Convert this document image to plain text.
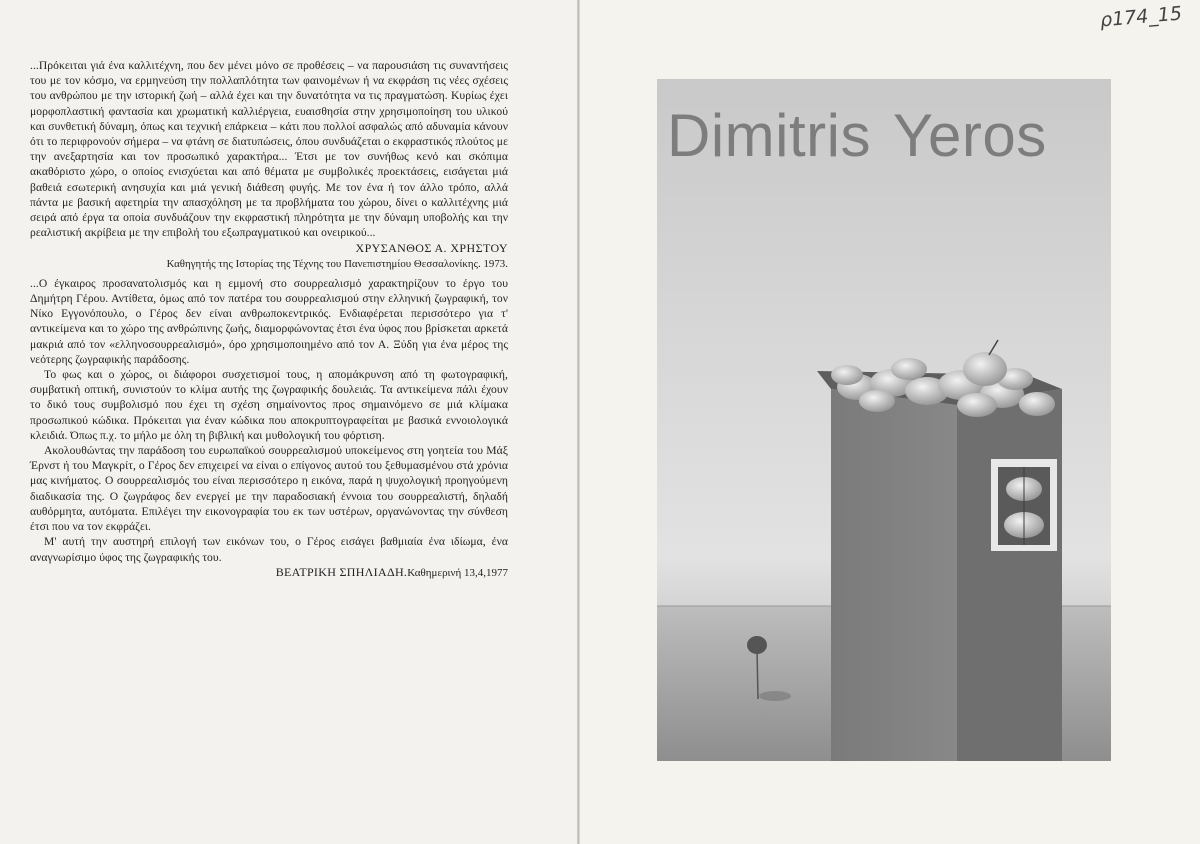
...Πρόκειται γιά ένα καλλιτέχνη, που δεν μένει μόνο σε προθέσεις – να παρουσιάση τις συναντήσεις του με τον κόσμο, να ερμηνεύση την πολλαπλότητα των φαινομένων ή να εκφράση τις νέες σχέσεις του ανθρώπου με την ιστορική ζωή – αλλά έχει και την δυνατότητα να τις πραγματώση. Κυρίως έχει μορφοπλαστική φαντασία και χρωματική καλλιέργεια, ευαισθησία στην χρησιμοποίηση του υλικού και συνθετική δύναμη, όπως και τεχνική επάρκεια – κάτι που πολλοί ασφαλώς από αδυναμία κάνουν ότι το περιφρονούν σήμερα – να φτάνη σε διατυπώσεις, όπου συνδυάζεται ο εκφραστικός πλούτος με την ανεξαρτησία και τον προσωπικό χαρακτήρα... Έτσι με τον συνήθως κενό και σκόπιμα ακαθόριστο χώρο, ο οποίος ενισχύεται και από θέματα με συμβολικές προεκτάσεις, εισάγεται μιά βαθειά εσωτερική ανησυχία και μιά γενική διάθεση φυγής. Με τον ένα ή τον άλλο τρόπο, αλλά πάντα με βασική αφετηρία την απασχόληση με τα προβλήματα του χώρου, δίνει ο καλλιτέχνης μιά σειρά από έργα τα οποία συνδυάζουν την εκφραστική πληρότητα με την δύναμη υποβολής και την ρεαλιστική ακρίβεια με την επιβολή του εξωπραγματικού και ονειρικού...

ΧΡΥΣΑΝΘΟΣ Α. ΧΡΗΣΤΟΥ
Καθηγητής της Ιστορίας της Τέχνης του Πανεπιστημίου Θεσσαλονίκης. 1973.

...Ο έγκαιρος προσανατολισμός και η εμμονή στο σουρρεαλισμό χαρακτηρίζουν το έργο του Δημήτρη Γέρου. Αντίθετα, όμως από τον πατέρα του σουρρεαλισμού στην ελληνική ζωγραφική, τον Νίκο Εγγονόπουλο, ο Γέρος δεν είναι ανθρωποκεντρικός. Ενδιαφέρεται περισσότερο για τ' αντικείμενα και το χώρο της ανθρώπινης ζωής, διαμορφώνοντας έτσι ένα ύφος που βρίσκεται αρκετά μακριά από τον «ελληνοσουρρεαλισμό», όρο χρησιμοποιημένο από τον Α. Ξύδη για ένα μέρος της νεότερης ζωγραφικής παράδοσης.

Το φως και ο χώρος, οι διάφοροι συσχετισμοί τους, η απομάκρυνση από τη φωτογραφική, συμβατική οπτική, συνιστούν το κλίμα αυτής της ζωγραφικής δουλειάς. Τα αντικείμενα πάλι έχουν το δικό τους συμβολισμό που έχει τη σχέση σημαίνοντος προς σημαινόμενο σε μιά κλίμακα προσωπικού κώδικα. Πρόκειται για έναν κώδικα που αποκρυπτογραφείται με βασικά εννοιολογικά κλειδιά. Όπως π.χ. το μήλο με όλη τη βιβλική και μυθολογική του φόρτιση.

Ακολουθώντας την παράδοση του ευρωπαϊκού σουρρεαλισμού υποκείμενος στη γοητεία του Μάξ Έρνστ ή του Μαγκρίτ, ο Γέρος δεν επιχειρεί να είναι ο επίγονος αυτού του ξεθυμασμένου στά χρόνια μας κινήματος. Ο σουρρεαλισμός του είναι περισσότερο η εικόνα, παρά η ψυχολογική προηγούμενη διαδικασία της. Ο ζωγράφος δεν ενεργεί με την παραδοσιακή έννοια του σουρρεαλιστή, δηλαδή αυθόρμητα, αυτόματα. Επιλέγει την εικονογραφία του εκ των υστέρων, οργανώνοντας την σύνθεση έτσι που να τον εκφράζει.

Μ' αυτή την αυστηρή επιλογή των εικόνων του, ο Γέρος εισάγει βαθμιαία ένα ιδίωμα, ένα αναγνωρίσιμο ύφος της ζωγραφικής του.

ΒΕΑΤΡΙΚΗ ΣΠΗΛΙΑΔΗ.Καθημερινή 13,4,1977
ρ174_15
Dimitris Yeros
